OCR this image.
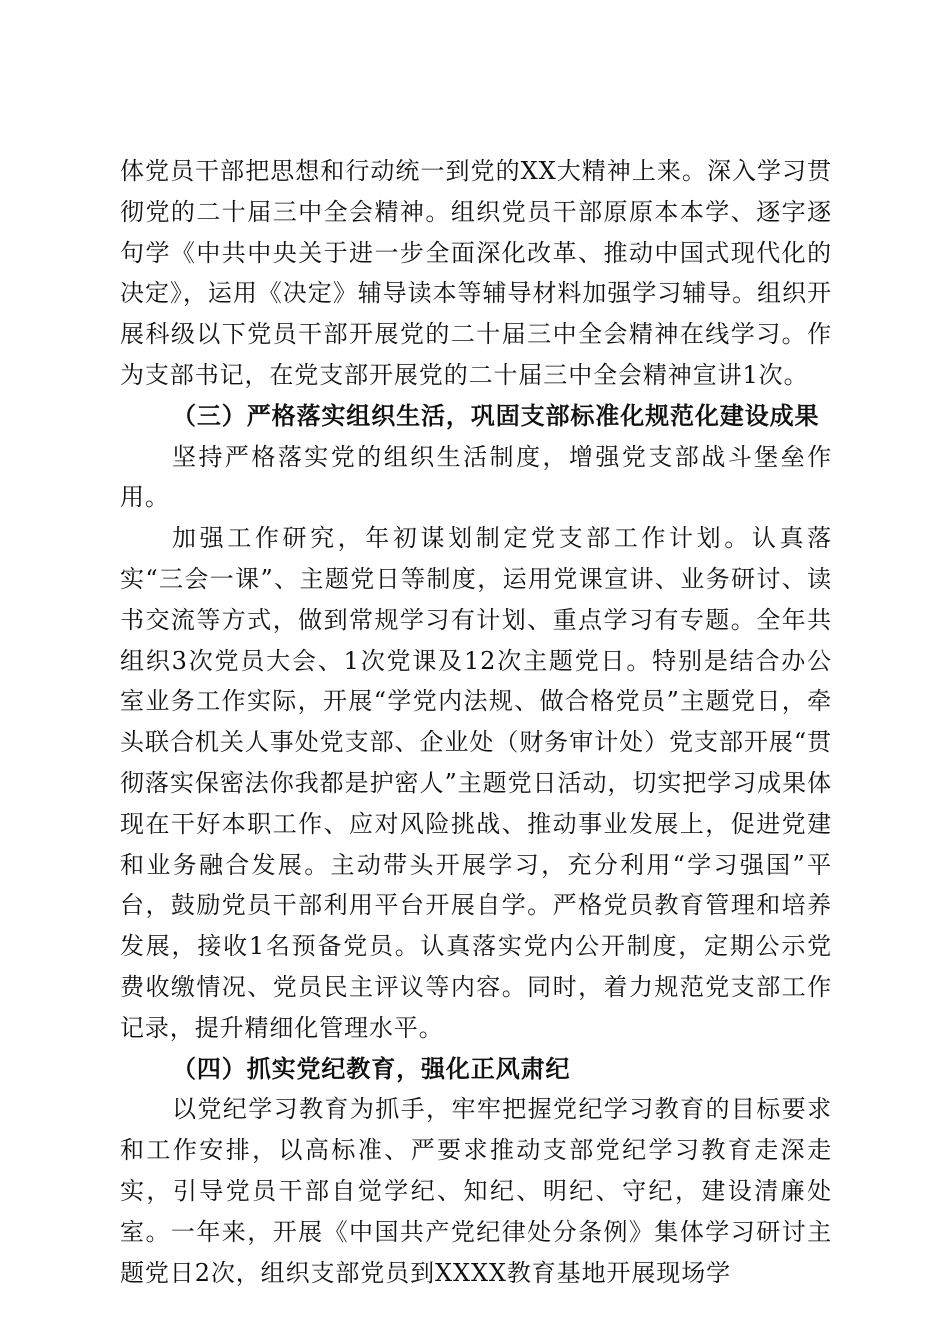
体党员干部把思想和行动统一到党的XX大精神上来。深入学习贯彻党的二十届三中全会精神。组织党员干部原原本本学、逐字逐句学《中共中央关于进一步全面深化改革、推动中国式现代化的决定》，运用《决定》辅导读本等辅导材料加强学习辅导。组织开展科级以下党员干部开展党的二十届三中全会精神在线学习。作为支部书记，在党支部开展党的二十届三中全会精神宣讲1次。

（三）严格落实组织生活，巩固支部标准化规范化建设成果

坚持严格落实党的组织生活制度，增强党支部战斗堡垒作用。

加强工作研究，年初谋划制定党支部工作计划。认真落实“三会一课”、主题党日等制度，运用党课宣讲、业务研讨、读书交流等方式，做到常规学习有计划、重点学习有专题。全年共组织3次党员大会、1次党课及12次主题党日。特别是结合办公室业务工作实际，开展“学党内法规、做合格党员”主题党日，牵头联合机关人事处党支部、企业处（财务审计处）党支部开展“贯彻落实保密法你我都是护密人”主题党日活动，切实把学习成果体现在干好本职工作、应对风险挑战、推动事业发展上，促进党建和业务融合发展。主动带头开展学习，充分利用“学习强国”平台，鼓励党员干部利用平台开展自学。严格党员教育管理和培养发展，接收1名预备党员。认真落实党内公开制度，定期公示党费收缴情况、党员民主评议等内容。同时，着力规范党支部工作记录，提升精细化管理水平。

（四）抓实党纪教育，强化正风肃纪

以党纪学习教育为抓手，牢牢把握党纪学习教育的目标要求和工作安排，以高标准、严要求推动支部党纪学习教育走深走实，引导党员干部自觉学纪、知纪、明纪、守纪，建设清廉处室。一年来，开展《中国共产党纪律处分条例》集体学习研讨主题党日2次，组织支部党员到XXXX教育基地开展现场学
